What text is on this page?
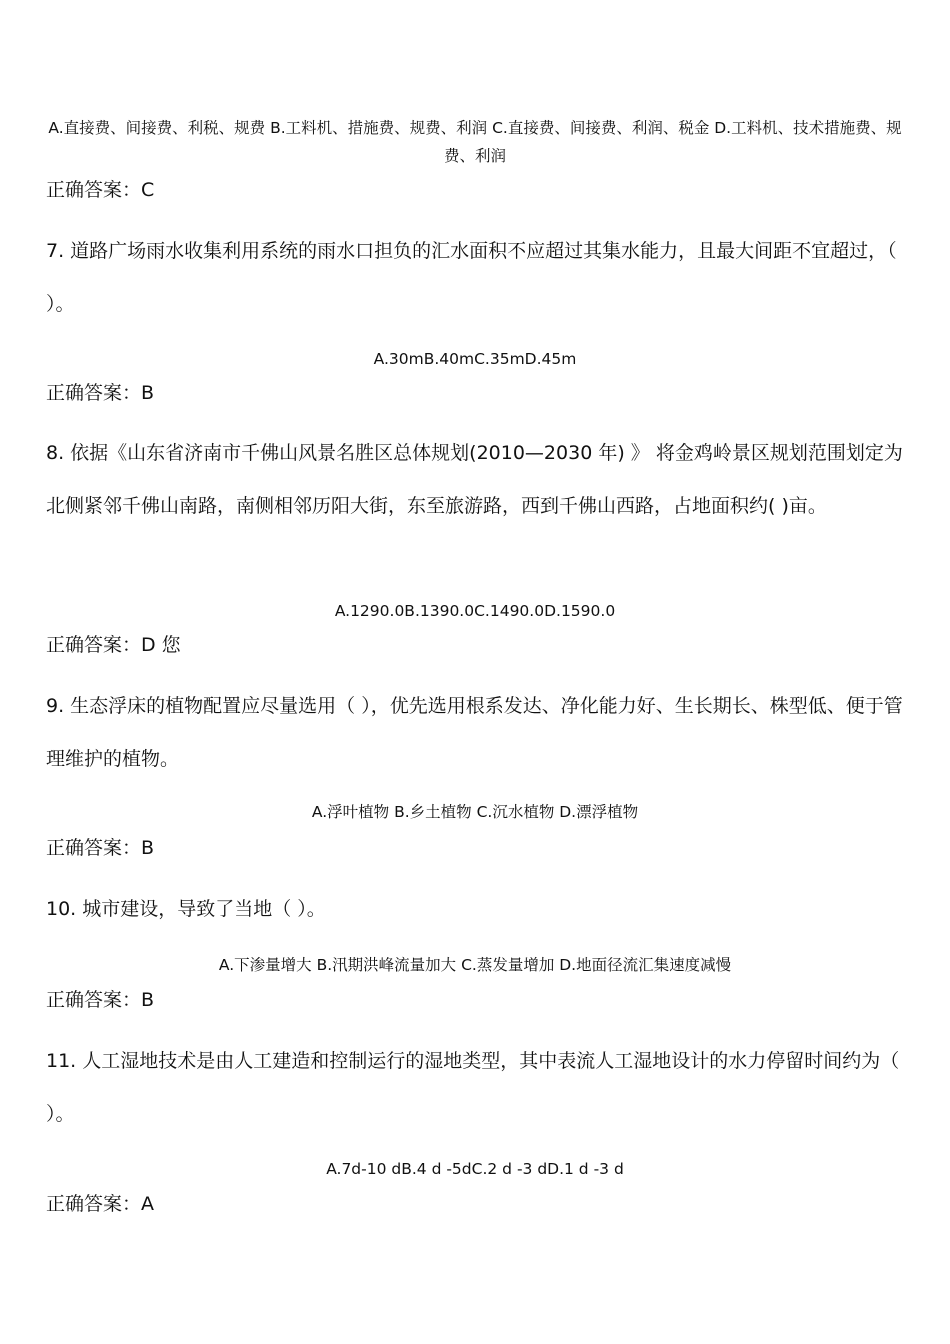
A.直接费、间接费、利税、规费 B.工料机、措施费、规费、利润 C.直接费、间接费、利润、税金 D.工料机、技术措施费、规费、利润
正确答案：C
7. 道路广场雨水收集利用系统的雨水口担负的汇水面积不应超过其集水能力，且最大间距不宜超过，（ ）。
A.30mB.40mC.35mD.45m
正确答案：B
8. 依据《山东省济南市千佛山风景名胜区总体规划(2010—2030 年) 》 将金鸡岭景区规划范围划定为北侧紧邻千佛山南路，南侧相邻历阳大街，东至旅游路，西到千佛山西路，占地面积约( )亩。
A.1290.0B.1390.0C.1490.0D.1590.0
正确答案：D 您
9. 生态浮床的植物配置应尽量选用（ ），优先选用根系发达、净化能力好、生长期长、株型低、便于管理维护的植物。
A.浮叶植物 B.乡土植物 C.沉水植物 D.漂浮植物
正确答案：B
10. 城市建设，导致了当地（ ）。
A.下渗量增大 B.汛期洪峰流量加大 C.蒸发量增加 D.地面径流汇集速度减慢
正确答案：B
11. 人工湿地技术是由人工建造和控制运行的湿地类型，其中表流人工湿地设计的水力停留时间约为（ ）。
A.7d-10 dB.4 d -5dC.2 d -3 dD.1 d -3 d
正确答案：A
